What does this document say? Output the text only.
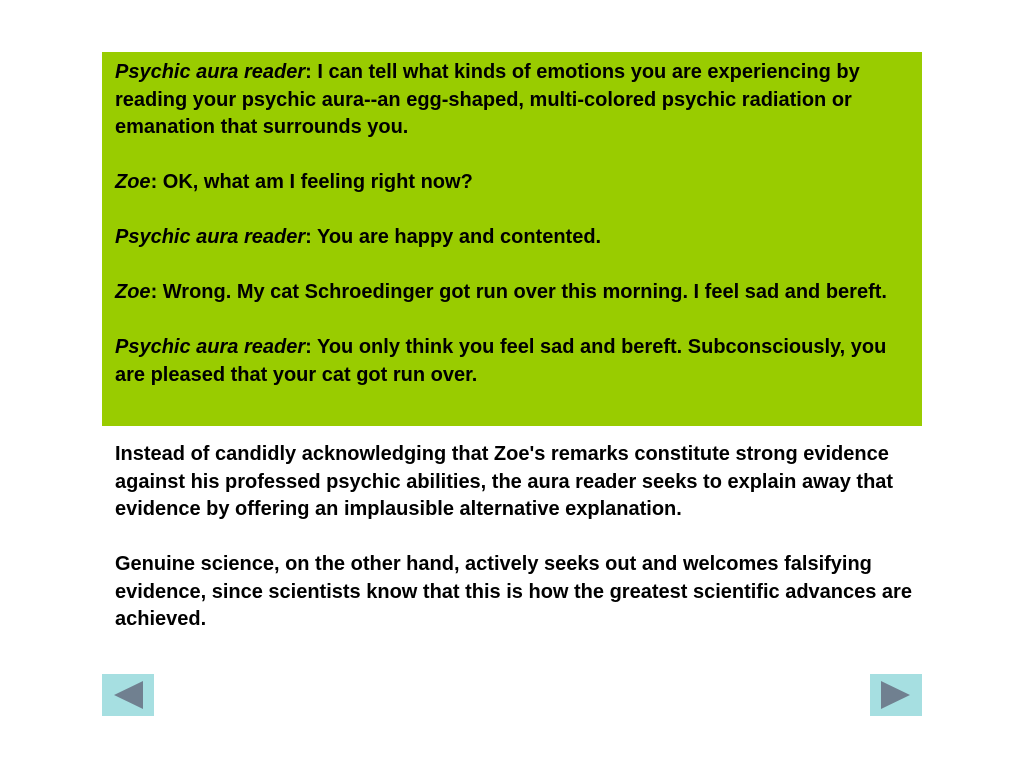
Psychic aura reader: I can tell what kinds of emotions you are experiencing by reading your psychic aura--an egg-shaped, multi-colored psychic radiation or emanation that surrounds you.

Zoe: OK, what am I feeling right now?

Psychic aura reader: You are happy and contented.

Zoe: Wrong. My cat Schroedinger got run over this morning. I feel sad and bereft.

Psychic aura reader: You only think you feel sad and bereft. Subconsciously, you are pleased that your cat got run over.

Instead of candidly acknowledging that Zoe's remarks constitute strong evidence against his professed psychic abilities, the aura reader seeks to explain away that evidence by offering an implausible alternative explanation.

Genuine science, on the other hand, actively seeks out and welcomes falsifying evidence, since scientists know that this is how the greatest scientific advances are achieved.
